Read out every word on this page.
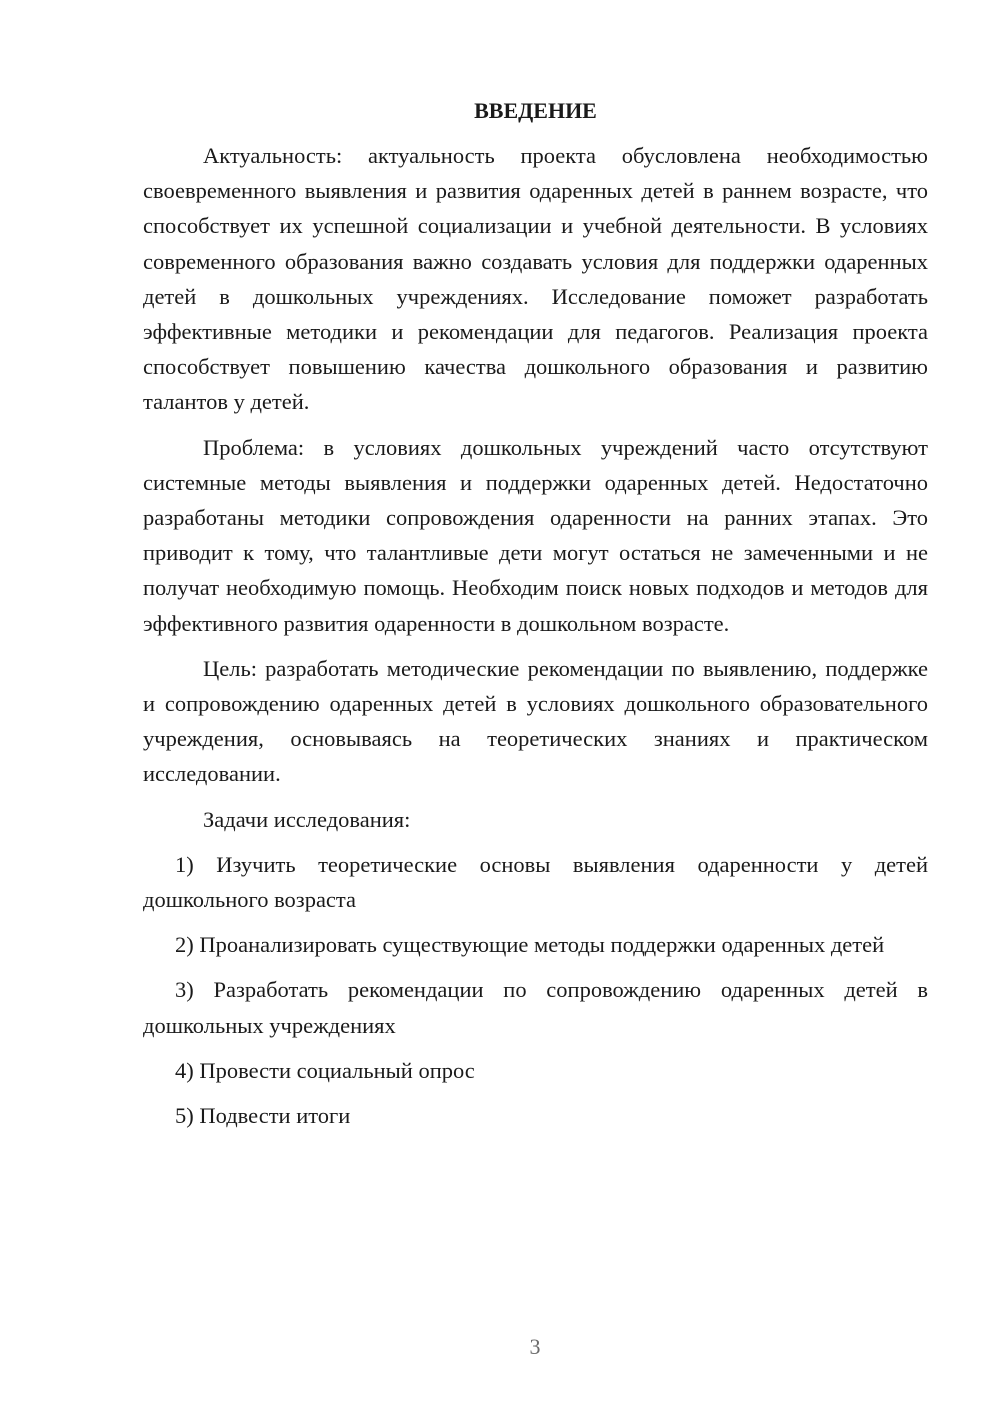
ВВЕДЕНИЕ

Актуальность: актуальность проекта обусловлена необходимостью своевременного выявления и развития одаренных детей в раннем возрасте, что способствует их успешной социализации и учебной деятельности. В условиях современного образования важно создавать условия для поддержки одаренных детей в дошкольных учреждениях. Исследование поможет разработать эффективные методики и рекомендации для педагогов. Реализация проекта способствует повышению качества дошкольного образования и развитию талантов у детей.

Проблема: в условиях дошкольных учреждений часто отсутствуют системные методы выявления и поддержки одаренных детей. Недостаточно разработаны методики сопровождения одаренности на ранних этапах. Это приводит к тому, что талантливые дети могут остаться не замеченными и не получат необходимую помощь. Необходим поиск новых подходов и методов для эффективного развития одаренности в дошкольном возрасте.

Цель: разработать методические рекомендации по выявлению, поддержке и сопровождению одаренных детей в условиях дошкольного образовательного учреждения, основываясь на теоретических знаниях и практическом исследовании.

Задачи исследования:

1) Изучить теоретические основы выявления одаренности у детей дошкольного возраста

2) Проанализировать существующие методы поддержки одаренных детей

3) Разработать рекомендации по сопровождению одаренных детей в дошкольных учреждениях

4) Провести социальный опрос

5) Подвести итоги

3
